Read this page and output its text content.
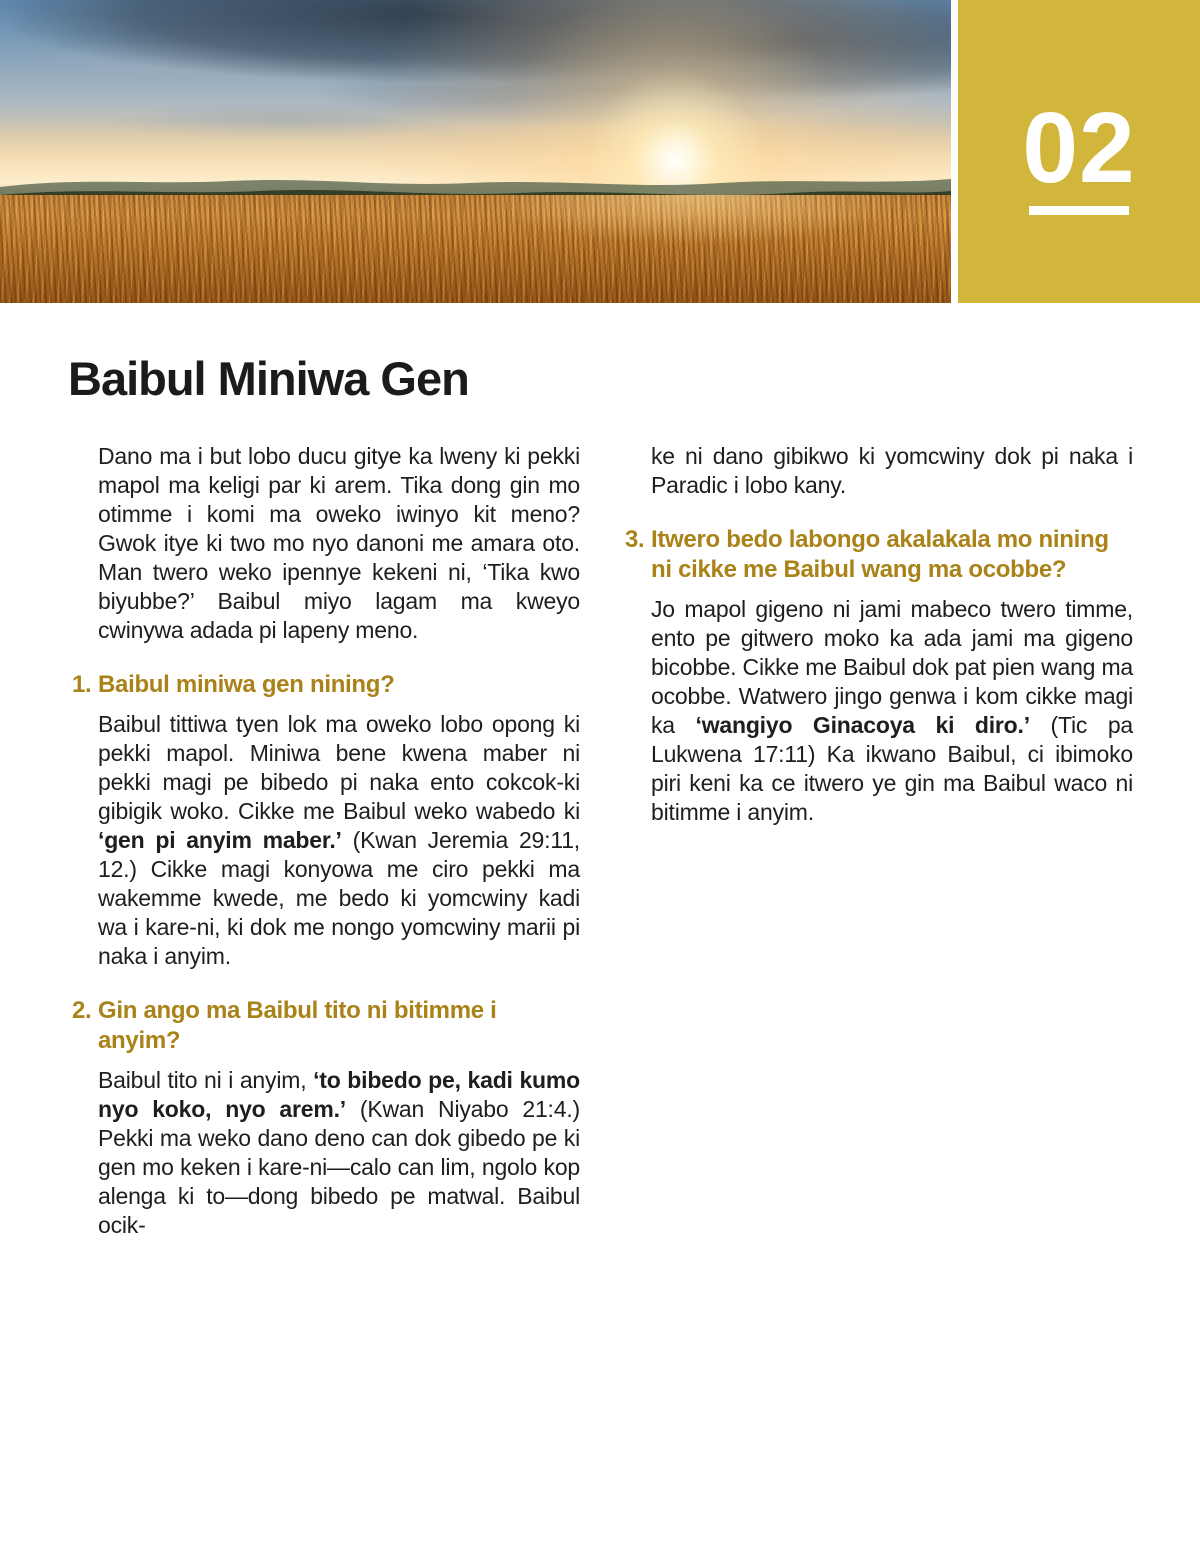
02
Baibul Miniwa Gen

Dano ma i but lobo ducu gitye ka lweny ki pekki mapol ma keligi par ki arem. Tika dong gin mo otimme i komi ma oweko iwinyo kit meno? Gwok itye ki two mo nyo danoni me amara oto. Man twero weko ipennye kekeni ni, ‘Tika kwo biyubbe?’ Baibul miyo lagam ma kweyo cwinywa adada pi lapeny meno.

1. Baibul miniwa gen nining?

Baibul tittiwa tyen lok ma oweko lobo opong ki pekki mapol. Miniwa bene kwena maber ni pekki magi pe bibedo pi naka ento cokcok-ki gibigik woko. Cikke me Baibul weko wabedo ki ‘gen pi anyim maber.’ (Kwan Jeremia 29:11, 12.) Cikke magi konyowa me ciro pekki ma wakemme kwede, me bedo ki yomcwiny kadi wa i kare-ni, ki dok me nongo yomcwiny marii pi naka i anyim.

2. Gin ango ma Baibul tito ni bitimme i anyim?

Baibul tito ni i anyim, ‘to bibedo pe, kadi kumo nyo koko, nyo arem.’ (Kwan Niyabo 21:4.) Pekki ma weko dano deno can dok gibedo pe ki gen mo keken i kare-ni—calo can lim, ngolo kop alenga ki to—dong bibedo pe matwal. Baibul ocik-

ke ni dano gibikwo ki yomcwiny dok pi naka i Paradic i lobo kany.

3. Itwero bedo labongo akalakala mo nining ni cikke me Baibul wang ma ocobbe?

Jo mapol gigeno ni jami mabeco twero timme, ento pe gitwero moko ka ada jami ma gigeno bicobbe. Cikke me Baibul dok pat pien wang ma ocobbe. Watwero jingo genwa i kom cikke magi ka ‘wangiyo Ginacoya ki diro.’ (Tic pa Lukwena 17:11) Ka ikwano Baibul, ci ibimoko piri keni ka ce itwero ye gin ma Baibul waco ni bitimme i anyim.
